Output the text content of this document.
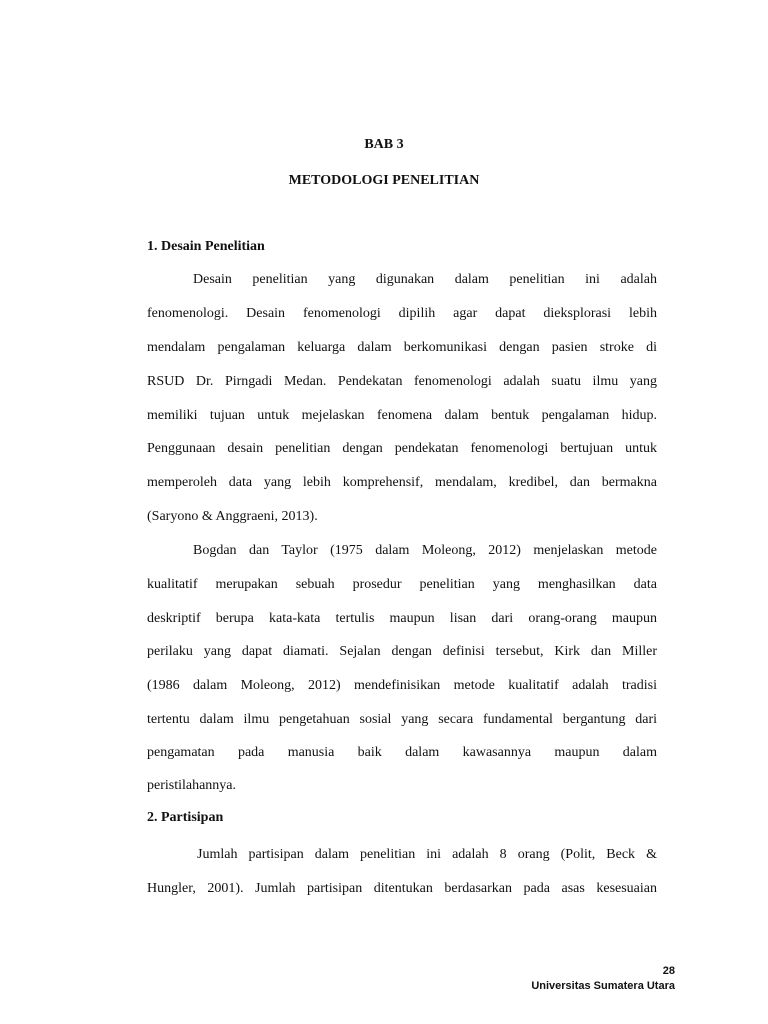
BAB 3
METODOLOGI PENELITIAN
1. Desain Penelitian
Desain penelitian yang digunakan dalam penelitian ini adalah
fenomenologi. Desain fenomenologi dipilih agar dapat dieksplorasi lebih
mendalam pengalaman keluarga dalam berkomunikasi dengan pasien stroke di
RSUD Dr. Pirngadi Medan. Pendekatan fenomenologi adalah suatu ilmu yang
memiliki tujuan untuk mejelaskan fenomena dalam bentuk pengalaman hidup.
Penggunaan desain penelitian dengan pendekatan fenomenologi bertujuan untuk
memperoleh data yang lebih komprehensif, mendalam, kredibel, dan bermakna
(Saryono & Anggraeni, 2013).
Bogdan dan Taylor (1975 dalam Moleong, 2012) menjelaskan metode
kualitatif merupakan sebuah prosedur penelitian yang menghasilkan data
deskriptif berupa kata-kata tertulis maupun lisan dari orang-orang maupun
perilaku yang dapat diamati. Sejalan dengan definisi tersebut, Kirk dan Miller
(1986 dalam Moleong, 2012) mendefinisikan metode kualitatif adalah tradisi
tertentu dalam ilmu pengetahuan sosial yang secara fundamental bergantung dari
pengamatan pada manusia baik dalam kawasannya maupun dalam
peristilahannya.
2. Partisipan
Jumlah partisipan dalam penelitian ini adalah 8 orang (Polit, Beck &
Hungler, 2001). Jumlah partisipan ditentukan berdasarkan pada asas kesesuaian
28
Universitas Sumatera Utara
